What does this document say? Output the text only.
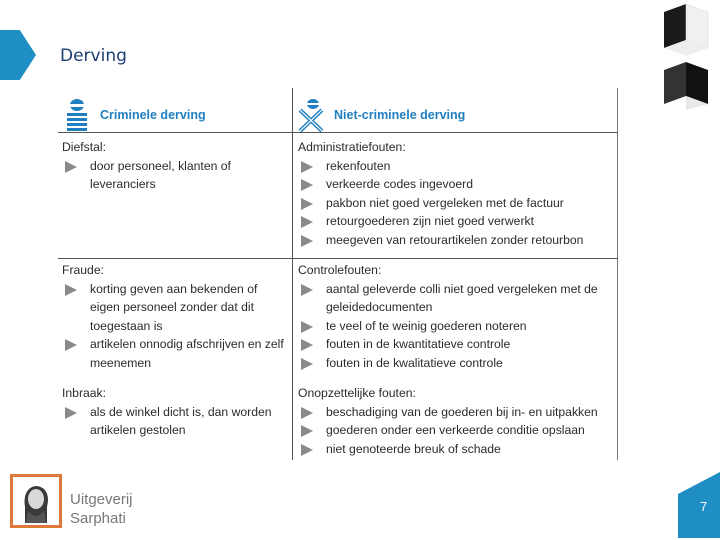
Derving
Criminele derving	Niet-criminele derving
Diefstal:
door personeel, klanten of leveranciers
Administratiefouten:
rekenfouten
verkeerde codes ingevoerd
pakbon niet goed vergeleken met de factuur
retourgoederen zijn niet goed verwerkt
meegeven van retourartikelen zonder retourbon
Fraude:
korting geven aan bekenden of eigen personeel zonder dat dit toegestaan is
artikelen onnodig afschrijven en zelf meenemen
Inbraak:
als de winkel dicht is, dan worden artikelen gestolen
Controlefouten:
aantal geleverde colli niet goed vergeleken met de geleidedocumenten
te veel of te weinig goederen noteren
fouten in de kwantitatieve controle
fouten in de kwalitatieve controle
Onopzettelijke fouten:
beschadiging van de goederen bij in- en uitpakken
goederen onder een verkeerde conditie opslaan
niet genoteerde breuk of schade
Uitgeverij
Sarphati
7
